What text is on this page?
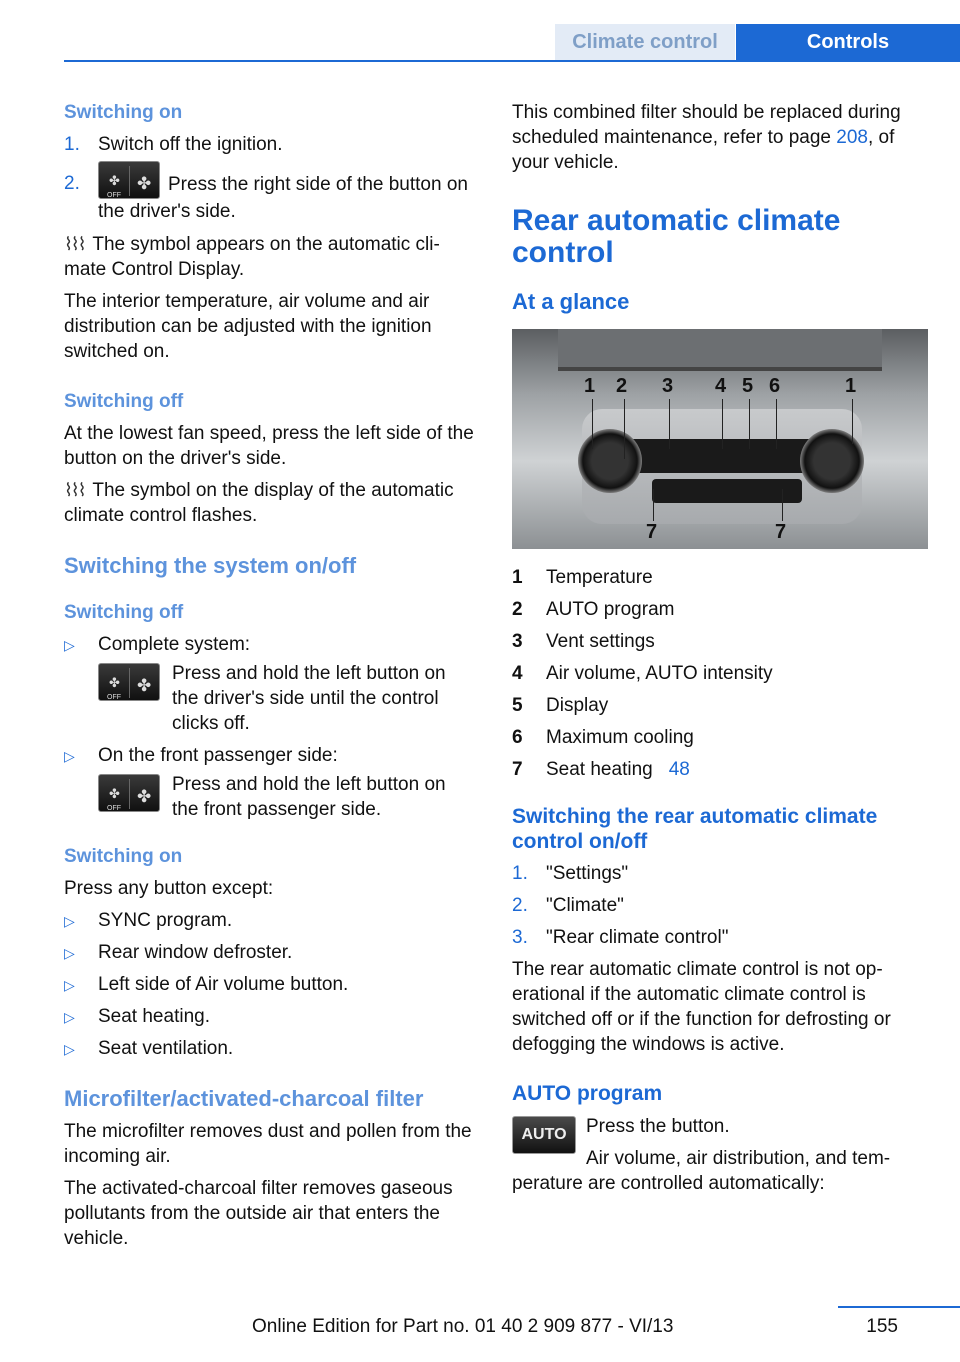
Climate control	Controls
Switching on
1. Switch off the ignition.
2. ✤
OFF
✤ Press the right side of the button on the driver's side.

⌇⌇⌇ The symbol appears on the automatic cli‐mate Control Display.

The interior temperature, air volume and air distribution can be adjusted with the ignition switched on.

Switching off

At the lowest fan speed, press the left side of the button on the driver's side.

⌇⌇⌇ The symbol on the display of the automatic climate control flashes.

Switching the system on/off
Switching off
▷ Complete system:
✤
OFF
✤
Press and hold the left button on the driver's side until the control clicks off.
▷ On the front passenger side:
✤
OFF
✤
Press and hold the left button on the front passenger side.
Switching on

Press any button except:

▷ SYNC program.
▷ Rear window defroster.
▷ Left side of Air volume button.
▷ Seat heating.
▷ Seat ventilation.
Microfilter/activated-charcoal filter

The microfilter removes dust and pollen from the incoming air.

The activated-charcoal filter removes gaseous pollutants from the outside air that enters the vehicle.

This combined filter should be replaced during scheduled maintenance, refer to page 208, of your vehicle.

Rear automatic climate control
At a glance
1 2 3 4 5 6	1
7	7
1	Temperature
2	AUTO program
3	Vent settings
4	Air volume, AUTO intensity
5	Display
6	Maximum cooling
7	Seat heating 48
Switching the rear automatic climate control on/off
1. "Settings"
2. "Climate"
3. "Rear climate control"

The rear automatic climate control is not op‐erational if the automatic climate control is switched off or if the function for defrosting or defogging the windows is active.

AUTO program
AUTO	Press the button.

Air volume, air distribution, and tem‐perature are controlled automatically:

155
Online Edition for Part no. 01 40 2 909 877 - VI/13
